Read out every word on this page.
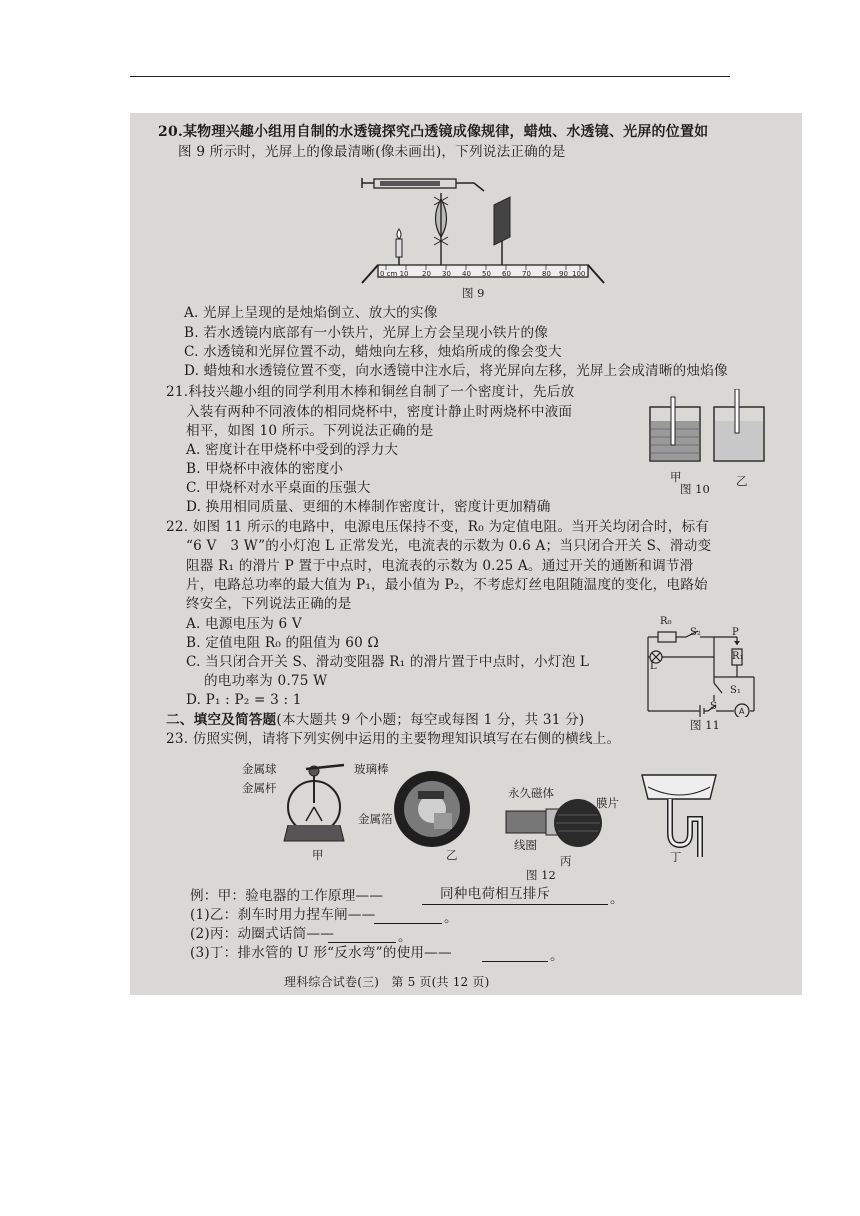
20.某物理兴趣小组用自制的水透镜探究凸透镜成像规律，蜡烛、水透镜、光屏的位置如
图 9 所示时，光屏上的像最清晰(像未画出)，下列说法正确的是
0 cm 10 20 30 40 50 60 70 80 90 100
图 9
A. 光屏上呈现的是烛焰倒立、放大的实像
B. 若水透镜内底部有一小铁片，光屏上方会呈现小铁片的像
C. 水透镜和光屏位置不动，蜡烛向左移，烛焰所成的像会变大
D. 蜡烛和水透镜位置不变，向水透镜中注水后，将光屏向左移，光屏上会成清晰的烛焰像
21.科技兴趣小组的同学利用木棒和铜丝自制了一个密度计，先后放
入装有两种不同液体的相同烧杯中，密度计静止时两烧杯中液面
相平，如图 10 所示。下列说法正确的是
A. 密度计在甲烧杯中受到的浮力大
B. 甲烧杯中液体的密度小
C. 甲烧杯对水平桌面的压强大
D. 换用相同质量、更细的木棒制作密度计，密度计更加精确
甲	乙
图 10
22. 如图 11 所示的电路中，电源电压保持不变，R₀ 为定值电阻。当开关均闭合时，标有
“6 V　3 W”的小灯泡 L 正常发光，电流表的示数为 0.6 A；当只闭合开关 S、滑动变
阻器 R₁ 的滑片 P 置于中点时，电流表的示数为 0.25 A。通过开关的通断和调节滑
片，电路总功率的最大值为 P₁，最小值为 P₂，不考虑灯丝电阻随温度的变化，电路始
终安全，下列说法正确的是
A. 电源电压为 6 V
B. 定值电阻 R₀ 的阻值为 60 Ω
C. 当只闭合开关 S、滑动变阻器 R₁ 的滑片置于中点时，小灯泡 L
的电功率为 0.75 W
D. P₁ : P₂ = 3 : 1
A
R₀
S₂	P
R₁
L
S₁
S
图 11
二、填空及简答题(本大题共 9 个小题；每空或每图 1 分，共 31 分)
23. 仿照实例，请将下列实例中运用的主要物理知识填写在右侧的横线上。
金属球	玻璃棒
金属杆
金属箔
甲	乙
永久磁体
膜片
线圈
丙	丁
图 12
例：甲：验电器的工作原理——	同种电荷相互排斥	。
(1)乙：刹车时用力捏车闸——	。
(2)丙：动圈式话筒——	。
(3)丁：排水管的 U 形“反水弯”的使用——	。
理科综合试卷(三)　第 5 页(共 12 页)
